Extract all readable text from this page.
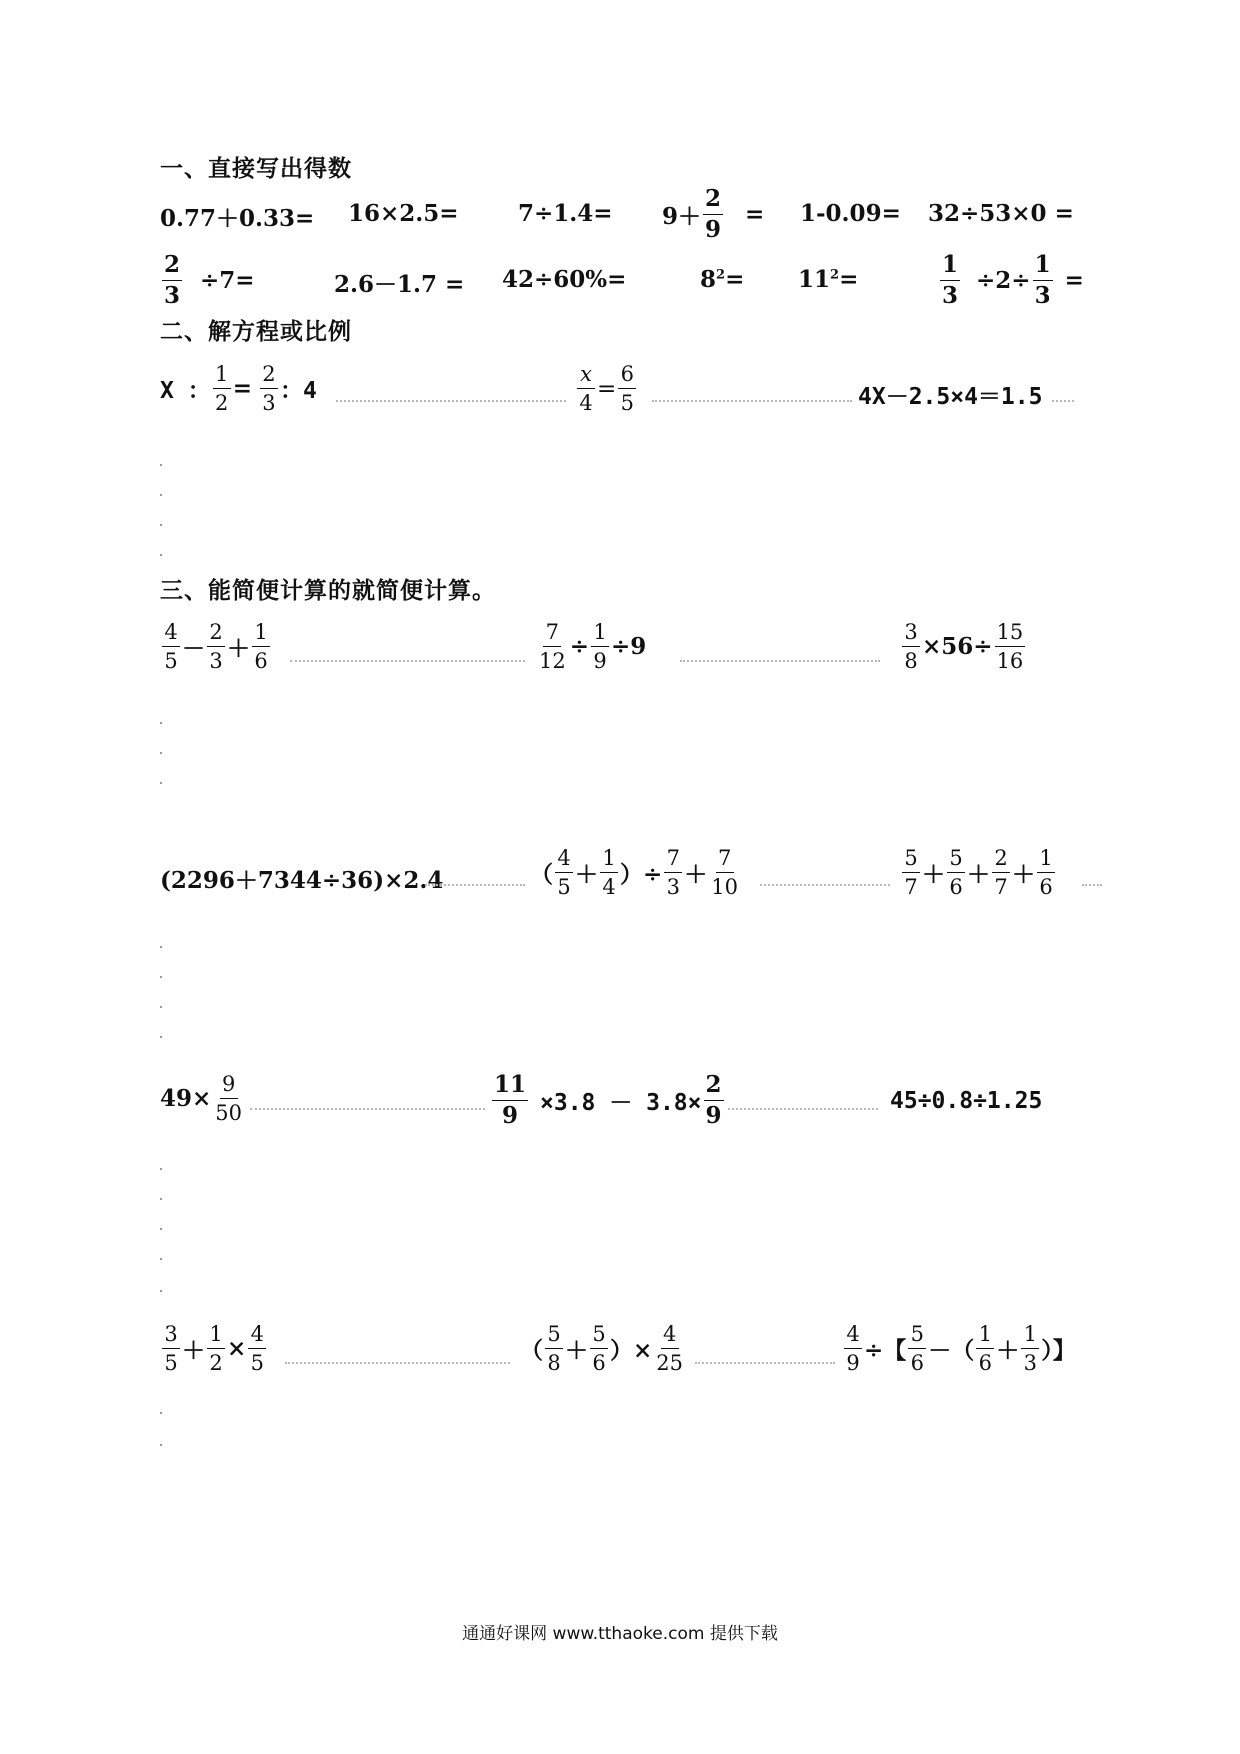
一、直接写出得数
0.77＋0.33= 16×2.5=	$7\div 1.4= 9+ \frac{2}{9} = 1-0.09= 32\div 53\times 0$ =
$\frac{2}{3} \div 7=$	2.6－1.7 = 42÷60%=	$8^2= 11^2=$	$\frac{1}{3} \div 2\div \frac{1}{3}$ =
二、解方程或比例
X ： $\frac{1}{2} = \frac{2}{3}$ ：4	$\frac{x}{4} = \frac{6}{5}$	4X－2.5×4＝1.5
三、能简便计算的就简便计算。
$\frac{4}{5} - \frac{2}{3} + \frac{1}{6}$	$\frac{7}{12} \div \frac{1}{9} \div 9$	$\frac{3}{8} \times 56\div \frac{15}{16}$
(2296＋7344÷36)×2.4	（ $\frac{4}{5} + \frac{1}{4}$ ）÷ $\frac{7}{3} + \frac{7}{10}$	$\frac{5}{7} + \frac{5}{6} + \frac{2}{7} + \frac{1}{6}$
$49\times \frac{9}{50}$	$\frac{11}{9} \times 3.8 - 3.8\times \frac{2}{9}$	45÷0.8÷1.25
$\frac{3}{5} + \frac{1}{2} \times \frac{4}{5}$	（ $\frac{5}{8} + \frac{5}{6}$ ）× $\frac{4}{25}$	$\frac{4}{9}$ ÷【 $\frac{5}{6}$ －（ $\frac{1}{6} + \frac{1}{3}$ ）】
通通好课网 www.tthaoke.com 提供下载
